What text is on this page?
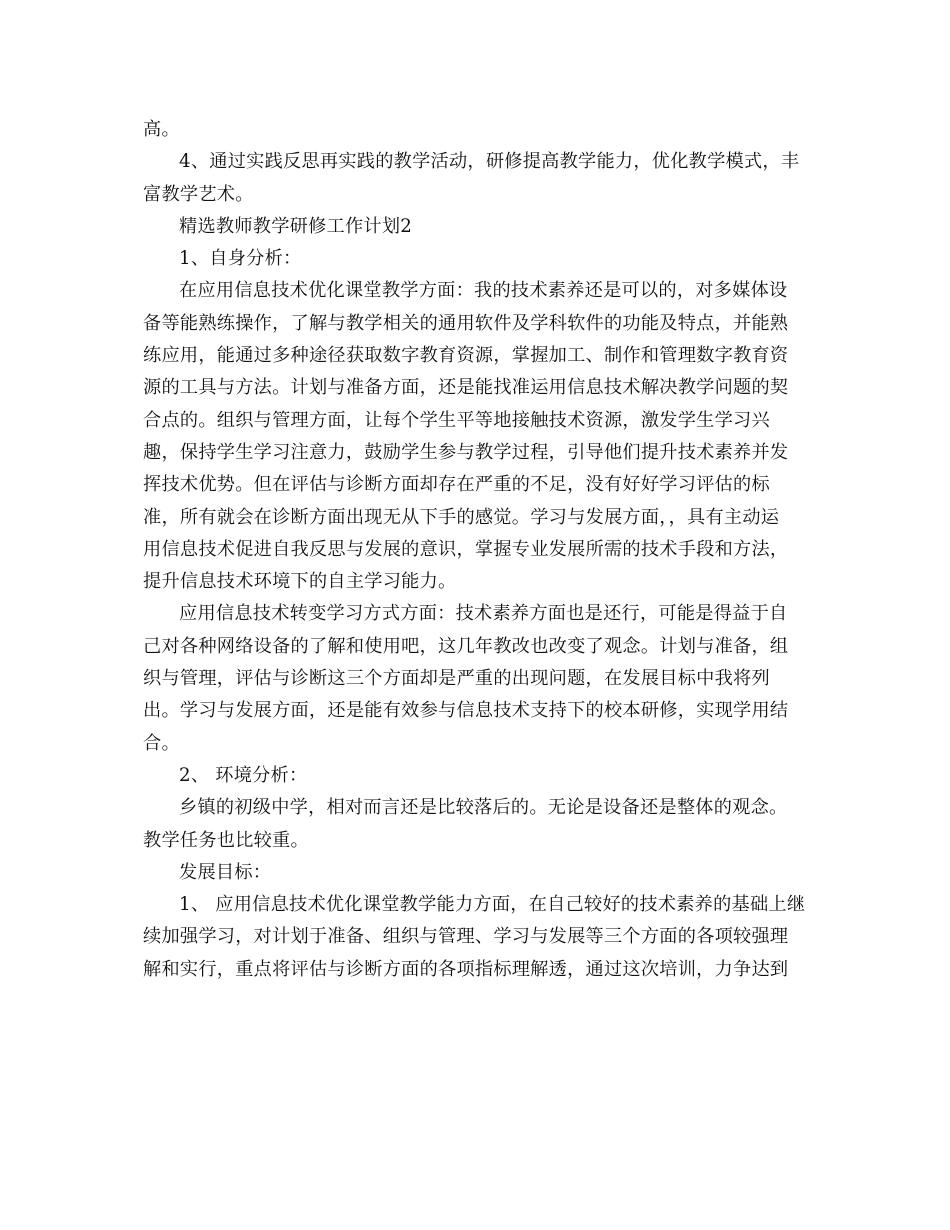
高。
4、通过实践反思再实践的教学活动，研修提高教学能力，优化教学模式，丰
富教学艺术。
精选教师教学研修工作计划2
1、自身分析：
在应用信息技术优化课堂教学方面：我的技术素养还是可以的，对多媒体设
备等能熟练操作，了解与教学相关的通用软件及学科软件的功能及特点，并能熟
练应用，能通过多种途径获取数字教育资源，掌握加工、制作和管理数字教育资
源的工具与方法。计划与准备方面，还是能找准运用信息技术解决教学问题的契
合点的。组织与管理方面，让每个学生平等地接触技术资源，激发学生学习兴
趣，保持学生学习注意力，鼓励学生参与教学过程，引导他们提升技术素养并发
挥技术优势。但在评估与诊断方面却存在严重的不足，没有好好学习评估的标
准，所有就会在诊断方面出现无从下手的感觉。学习与发展方面，，具有主动运
用信息技术促进自我反思与发展的意识，掌握专业发展所需的技术手段和方法，
提升信息技术环境下的自主学习能力。
应用信息技术转变学习方式方面：技术素养方面也是还行，可能是得益于自
己对各种网络设备的了解和使用吧，这几年教改也改变了观念。计划与准备，组
织与管理，评估与诊断这三个方面却是严重的出现问题，在发展目标中我将列
出。学习与发展方面，还是能有效参与信息技术支持下的校本研修，实现学用结
合。
2、 环境分析：
乡镇的初级中学，相对而言还是比较落后的。无论是设备还是整体的观念。
教学任务也比较重。
发展目标：
1、 应用信息技术优化课堂教学能力方面，在自己较好的技术素养的基础上继
续加强学习，对计划于准备、组织与管理、学习与发展等三个方面的各项较强理
解和实行，重点将评估与诊断方面的各项指标理解透，通过这次培训，力争达到
